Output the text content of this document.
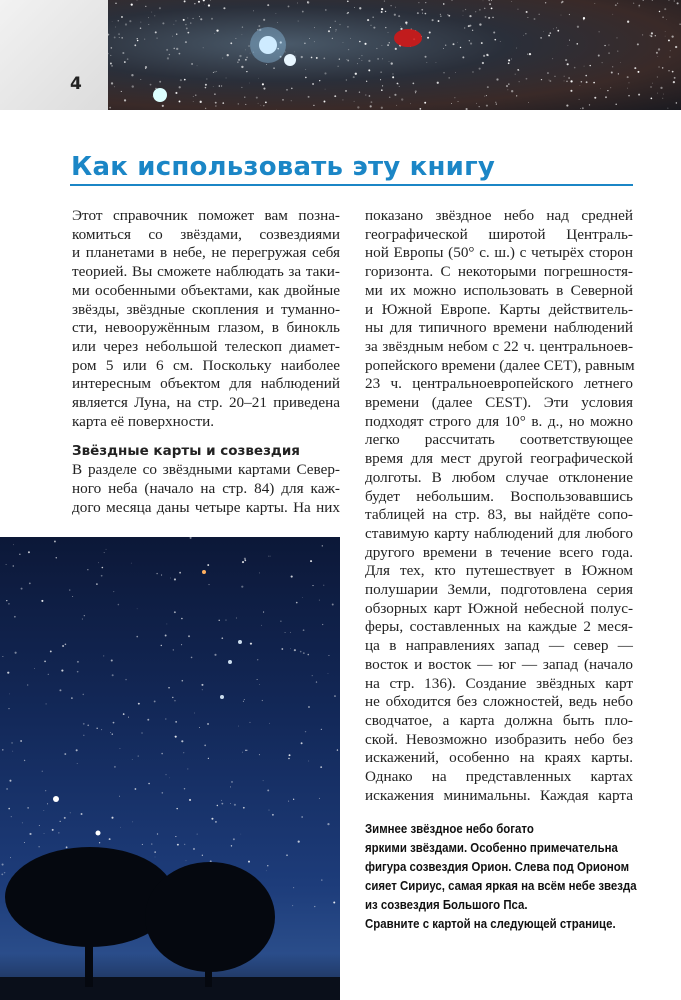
4
Как использовать эту книгу
Этот справочник поможет вам позна-
комиться со звёздами, созвездиями
и планетами в небе, не перегружая себя
теорией. Вы сможете наблюдать за таки-
ми особенными объектами, как двойные
звёзды, звёздные скопления и туманно-
сти, невооружённым глазом, в бинокль
или через небольшой телескоп диамет-
ром 5 или 6 см. Поскольку наиболее
интересным объектом для наблюдений
является Луна, на стр. 20–21 приведена
карта её поверхности.
Звёздные карты и созвездия
В разделе со звёздными картами Север-
ного неба (начало на стр. 84) для каж-
дого месяца даны четыре карты. На них
показано звёздное небо над средней
географической широтой Централь-
ной Европы (50° с. ш.) с четырёх сторон
горизонта. С некоторыми погрешностя-
ми их можно использовать в Северной
и Южной Европе. Карты действитель-
ны для типичного времени наблюдений
за звёздным небом с 22 ч. центральноев-
ропейского времени (далее CET), равным
23 ч. центральноевропейского летнего
времени (далее CEST). Эти условия
подходят строго для 10° в. д., но можно
легко рассчитать соответствующее
время для мест другой географической
долготы. В любом случае отклонение
будет небольшим. Воспользовавшись
таблицей на стр. 83, вы найдёте сопо-
ставимую карту наблюдений для любого
другого времени в течение всего года.
Для тех, кто путешествует в Южном
полушарии Земли, подготовлена серия
обзорных карт Южной небесной полус-
феры, составленных на каждые 2 меся-
ца в направлениях запад — север —
восток и восток — юг — запад (начало
на стр. 136). Создание звёздных карт
не обходится без сложностей, ведь небо
сводчатое, а карта должна быть пло-
ской. Невозможно изобразить небо без
искажений, особенно на краях карты.
Однако на представленных картах
искажения минимальны. Каждая карта
Зимнее звёздное небо богато
яркими звёздами. Особенно примечательна
фигура созвездия Орион. Слева под Орионом
сияет Сириус, самая яркая на всём небе звезда
из созвездия Большого Пса.
Сравните с картой на следующей странице.
